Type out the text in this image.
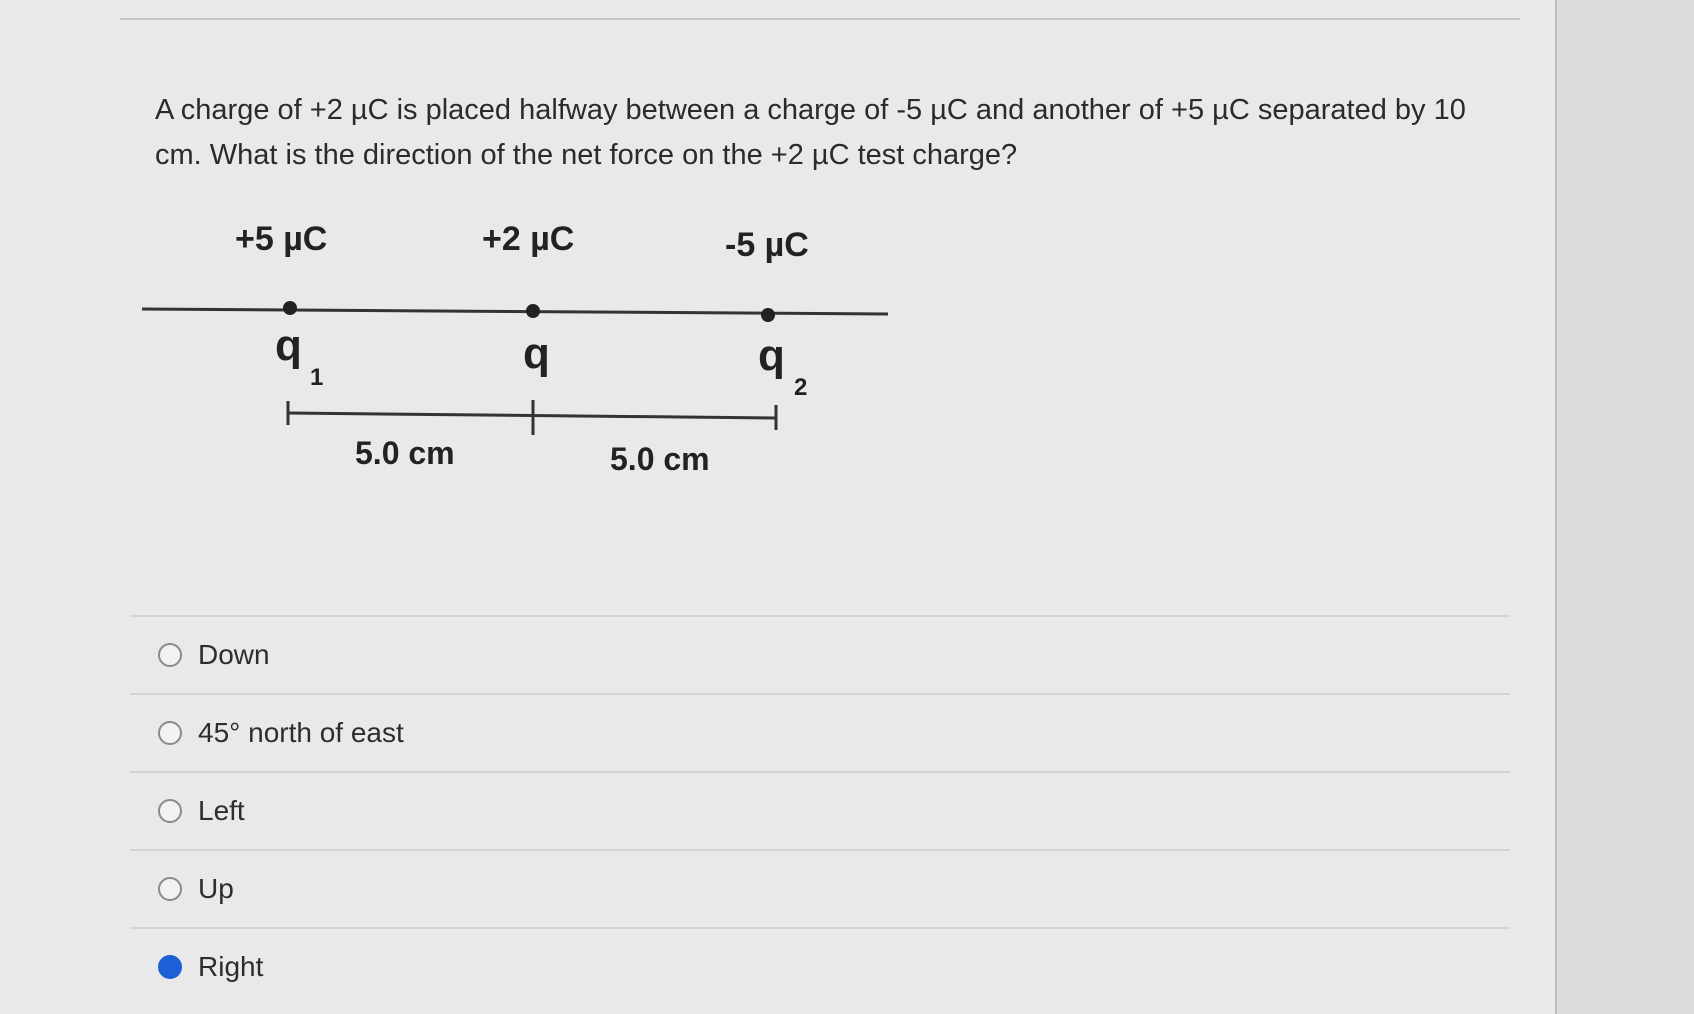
A charge of +2 µC is placed halfway between a charge of -5 µC and another of +5 µC separated by 10 cm. What is the direction of the net force on the +2 µC test charge?
+5 µC	+2 µC	-5 µC
q
1	q	q
2
5.0 cm	5.0 cm
Down
45° north of east
Left
Up
Right
